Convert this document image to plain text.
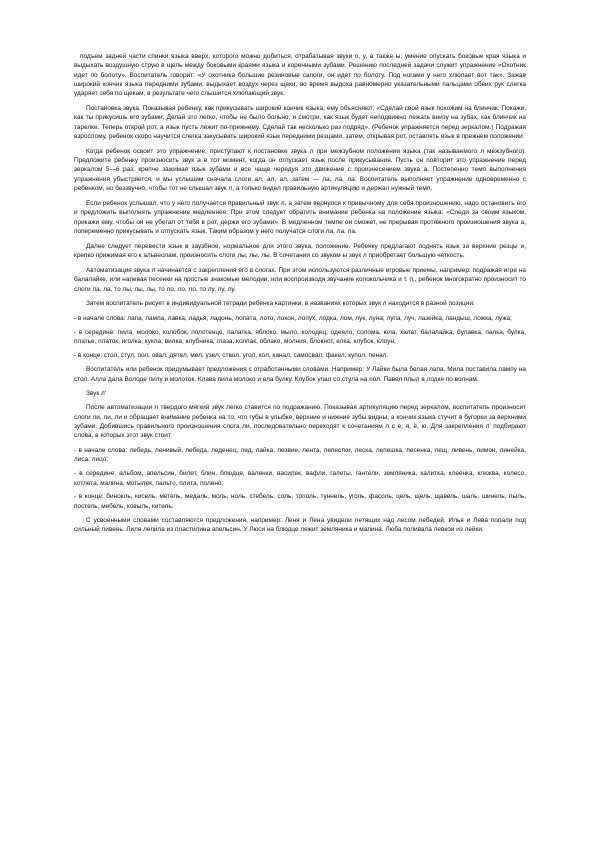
подъем задней части спинки языка вверх, которого можно добиться, отрабатывая звуки о, у, а также ы; умение опускать боковые края языка и выдыхать воздушную струю в щель между боковыми краями языка и коренными зубами. Решению последней задачи служит упражнение «Охотник идет по болоту». Воспитатель говорит: «У охотника большие резиновые сапоги, он идет по болоту. Под ногами у него хлюпает вот так». Зажав широкий кончик языка передними зубами, выдыхает воздух через щеки, во время выдоха равномерно указательными пальцами обеих рук слегка ударяет себя по щекам, в результате чего слышится хлюпающий звук.

Постановка звука. Показывая ребенку, как прикусывать широкий кончик языка, ему объясняют: «Сделай свой язык похожим на блинчик. Покажи, как ты прикусишь его зубами. Делай это легко, чтобы не было больно, и смотри, как язык будет неподвижно лежать внизу на зубах, как блинчик на тарелке. Теперь открой рот, а язык пусть лежит по-прежнему. Сделай так несколько раз подряд». (Ребенок упражняется перед зеркалом.) Подражая взрослому, ребенок скоро научится слегка закусывать широкий язык передними резцами, затем, открывая рот, оставлять язык в прежнем положении

Когда ребенок освоит это упражнение, приступают к постановке звука л при межзубном положении языка (так называемого л межзубного). Предложите ребенку произносить звук а в тот момент, когда он отпускает язык после прикусывания. Пусть он повторит это упражнение перед зеркалом 5—6 раз, крепче зажимая язык зубами и все чаще чередуя это движение с произнесением звука а. Постепенно темп выполнения упражнения убыстряется, и мы услышим сначала слоги ал, ал, ал, затем — ла, ла, ла. Воспитатель выполняет упражнение одновременно с ребенком, но беззвучно, чтобы тот не слышал звук л, а только видел правильную артикуляцию и держал нужный темп.

Если ребенок услышал, что у него получается правильный звук л, а затем вернулся к привычному для себя произношению, надо остановить его и предложить выполнять упражнение медленнее. При этом следует обратить внимание ребенка на положение языка: «Следи за своим языком, прикажи ему, чтобы он не убегал от тебя в рот, держи его зубами». В медленном темпе он сможет, не прерывая протяжного произношения звука а, попеременно прикусывать и отпускать язык. Таким образом у него получатся слоги ла, ла, ла.

Далее следует перевести язык в заузбное, нормальное для этого звука, положение. Ребенку предлагают поднять язык за верхние резцы и, крепко прижимая его к альвеолам, произносить слоги лы, лы, лы. В сочетании со звуком ы звук л приобретает большую четкость.

Автоматизация звука л начинается с закрепления его в слогах. При этом используются различные игровые приемы, например: подражая игре на балалайке, или напевая песенки на простые знакомые мелодии, или воспроизводя звучание колокольчика и т. п., ребенок многократно произносит то слоги ла, ла, то лы, лы, лы, то ло, ло, ло, то лу, лу, лу.

Затем воспитатель рисует в индивидуальной тетради ребенка картинки, в названиях которых звук л находится в разной позиции:

- в начале слова: лапа, лампа, лавка, ладья, ладонь, лопата, лото, локон, лопух, лодка, лом, лук, луна, лупа, луч, лазейка, ландыш, ложка, лужа;

- в середине: пила, молоко, колобок, полотенце, палатка, яблоко, мыло, колодец, одеяло, солома, юла, халат, балалайка, булавка, палка, булка, платье, платок, иголка, кукла, вилка, клубника, глаза, колпак, облако, молния, блокнот, елка, клубок, клоун;

- в конце: стол, стул, пол, овал, дятел, мел, узел, ствол, угол, кол, канал, самосвал, факел, купол, пенал.

Воспитатель или ребенок придумывает предложения с отработанными словами. Например: У Лайки была белая лапа. Мила поставила лампу на стол. Алла дала Володе пилу и молоток. Клава пила молоко и ела булку. Клубок упал со стула на пол. Павел плыл в лодке по волнам.

Звук л'

После автоматизации л твердого мягкий звук легко ставится по подражанию. Показывая артикуляцию перед зеркалом, воспитатель произносит слоги ли, ли, ли и обращает внимание ребенка на то, что губы в улыбке, верхние и нижние зубы видны, а кончик языка стучит в бугорки за верхними зубами. Добившись правильного произношения слога ли, последовательно переходят к сочетаниям л с е, я, ё, ю. Для закрепления л' подбирают слова, в которых этот звук стоит

- в начале слова: лебедь, ленивый, лебеда, леденец, лед, лайка, лезвие, лента, лепестки, леска, лепешка, лесенка, лещ, ливень, лимон, линейка, лиса, лицо;

- в середине: альбом, апельсин, билет, блин, блюдце, валенки, василек, вафли, галеты, гантели, земляника, калитка, клеенка, клюква, колесо, котлета, малина, мотылек, пальто, плита, полено;

- в конце: бинокль, кисель, метель, медаль, моль, ноль, стебель, соль, тополь, туннель, уголь, фасоль, цель, щель, щавель, шаль, шинель, пыль, постель, мебель, ковыль, китель.

С усвоенными словами составляются предложения, например: Леня и Лена увидели летящих над лесом лебедей. Илья и Лева попали под сильный ливень. Лиля лепила из пластилина апельсин. У Люси на блюдце лежит земляника и малина. Люба поливала левкои из лейки.
